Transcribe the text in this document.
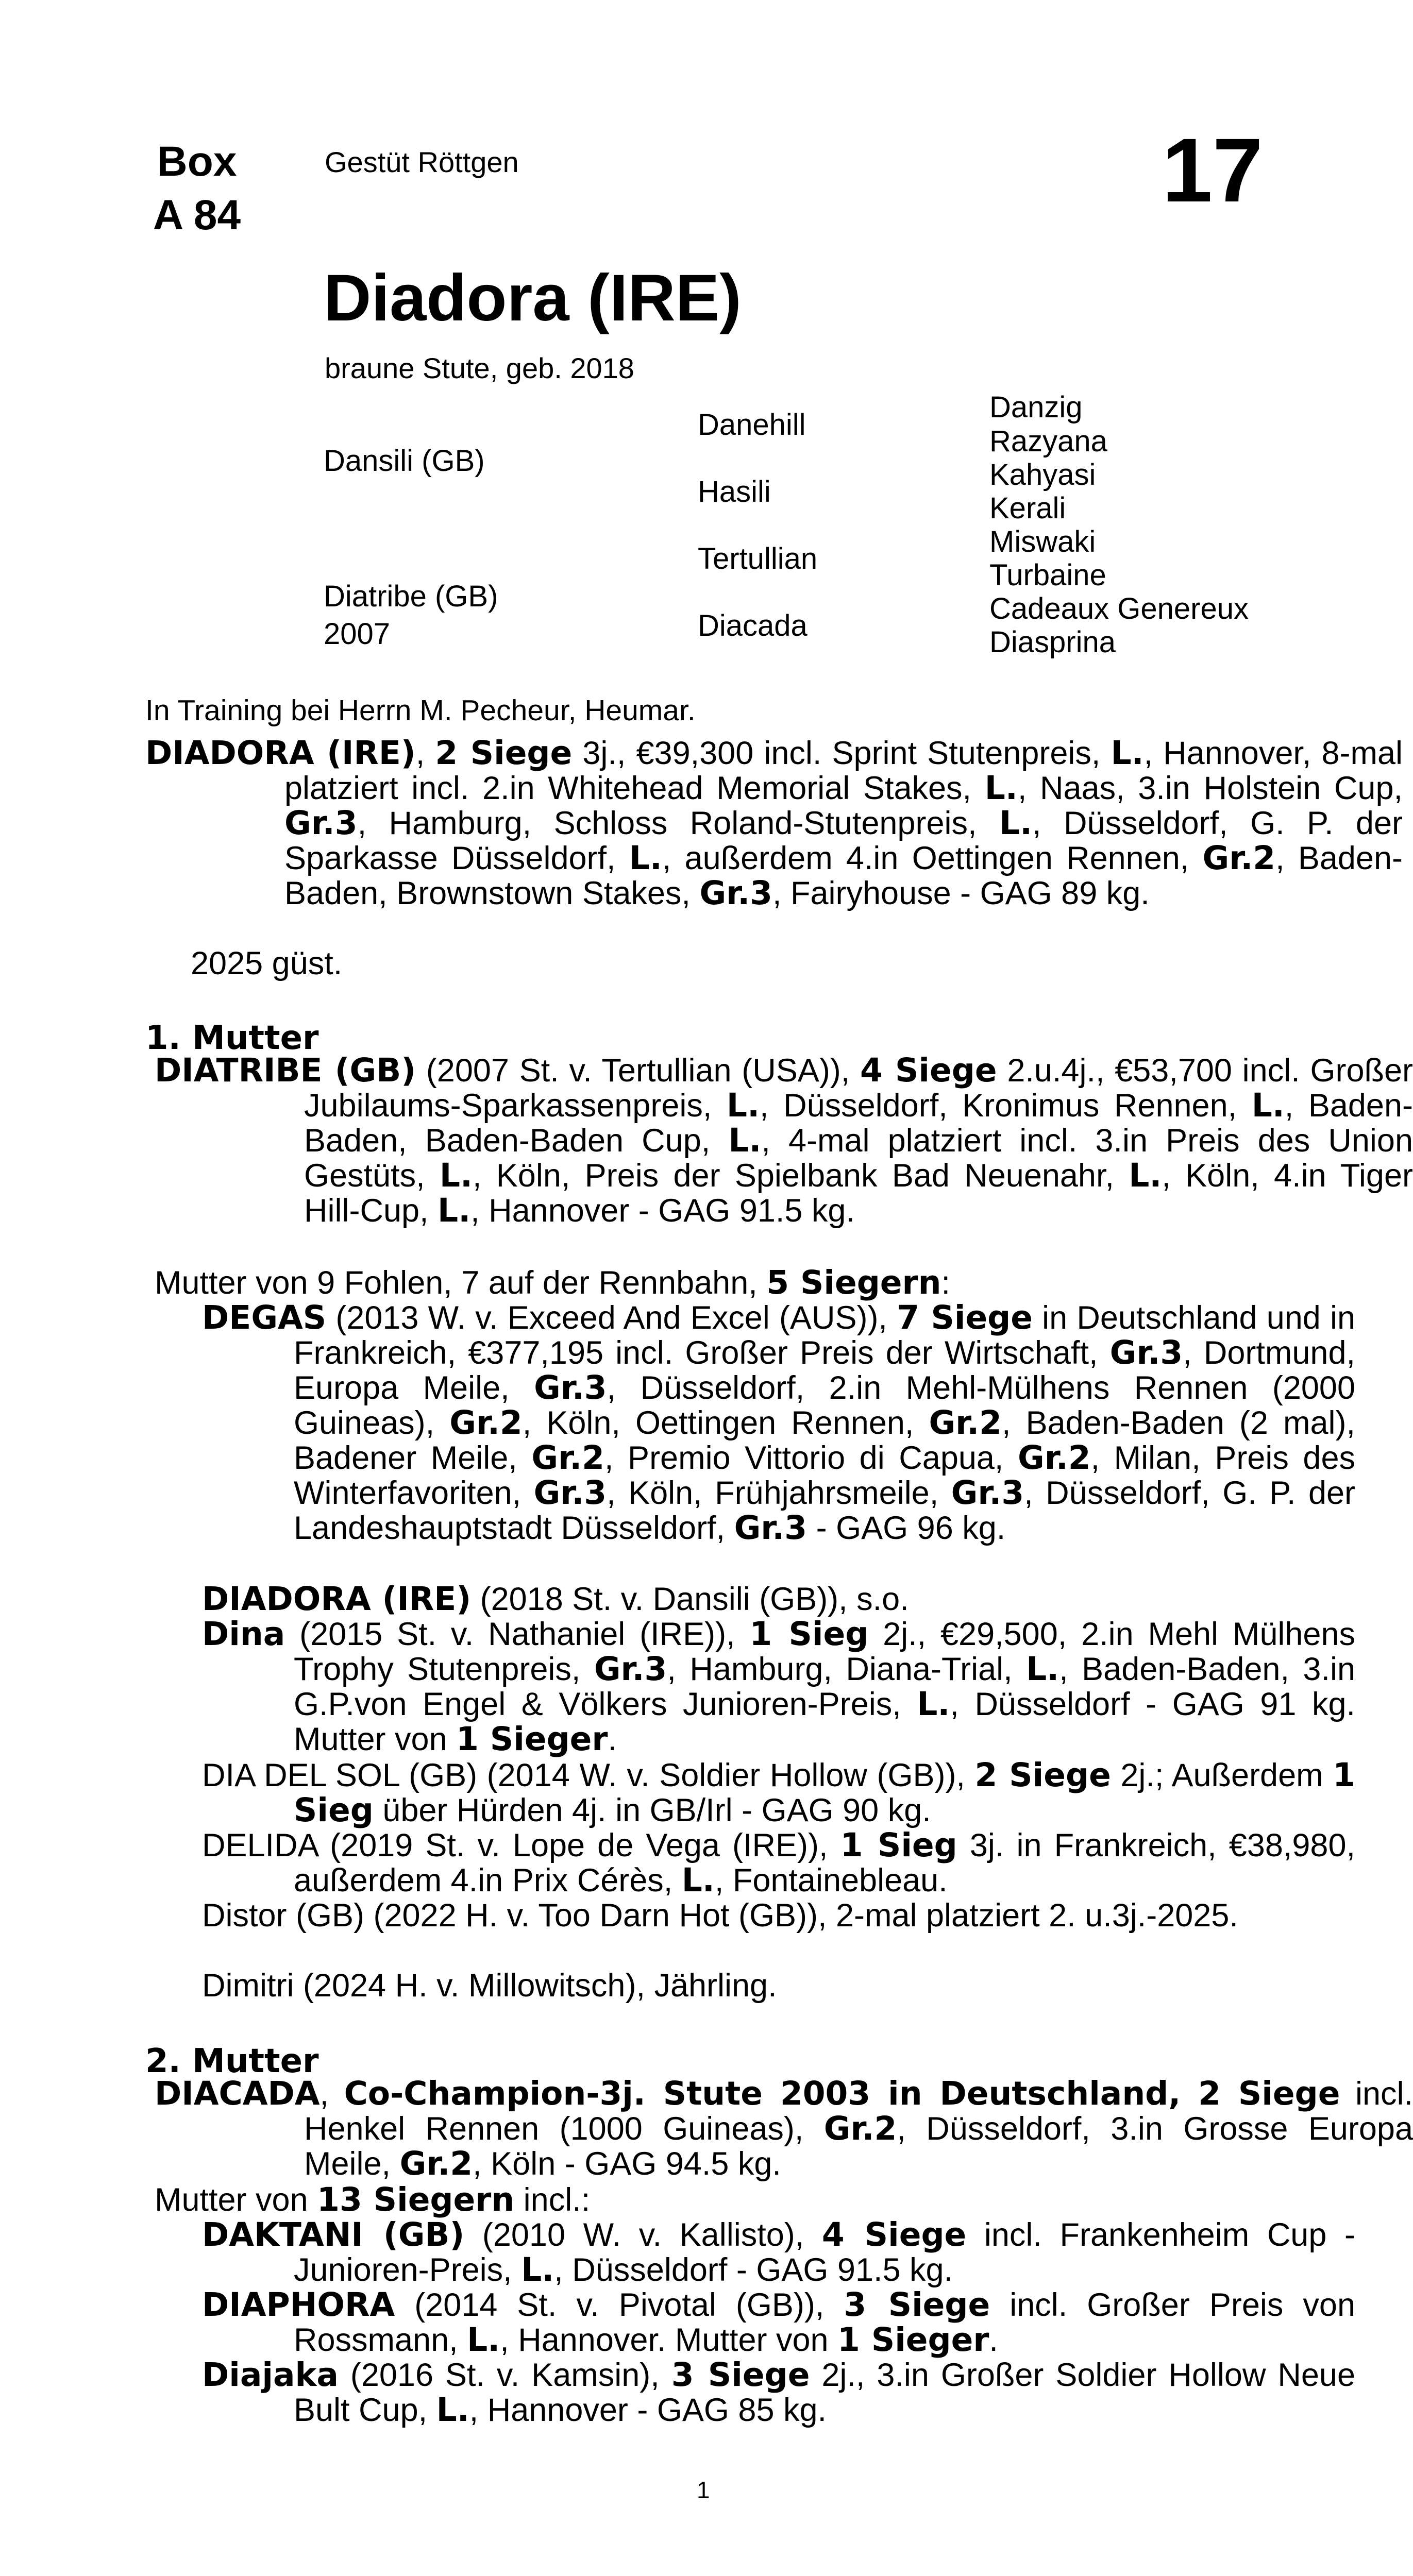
Box
A 84
Gestüt Röttgen	17
Diadora (IRE)
braune Stute, geb. 2018
Dansili (GB)
Diatribe (GB)
2007
Danehill
Hasili
Tertullian
Diacada
Danzig
Razyana
Kahyasi
Kerali
Miswaki
Turbaine
Cadeaux Genereux
Diasprina
In Training bei Herrn M. Pecheur, Heumar.
DIADORA (IRE), 2 Siege 3j., €39,300 incl. Sprint Stutenpreis, L., Hannover, 8-mal platziert incl. 2.in Whitehead Memorial Stakes, L., Naas, 3.in Holstein Cup, Gr.3, Hamburg, Schloss Roland-Stutenpreis, L., Düsseldorf, G. P. der Sparkasse Düsseldorf, L., außerdem 4.in Oettingen Rennen, Gr.2, Baden-Baden, Brownstown Stakes, Gr.3, Fairyhouse - GAG 89 kg.
2025 güst.
1. Mutter
DIATRIBE (GB) (2007 St. v. Tertullian (USA)), 4 Siege 2.u.4j., €53,700 incl. Großer Jubilaums-Sparkassenpreis, L., Düsseldorf, Kronimus Rennen, L., Baden-Baden, Baden-Baden Cup, L., 4-mal platziert incl. 3.in Preis des Union Gestüts, L., Köln, Preis der Spielbank Bad Neuenahr, L., Köln, 4.in Tiger Hill-Cup, L., Hannover - GAG 91.5 kg.
Mutter von 9 Fohlen, 7 auf der Rennbahn, 5 Siegern:
DEGAS (2013 W. v. Exceed And Excel (AUS)), 7 Siege in Deutschland und in Frankreich, €377,195 incl. Großer Preis der Wirtschaft, Gr.3, Dortmund, Europa Meile, Gr.3, Düsseldorf, 2.in Mehl-Mülhens Rennen (2000 Guineas), Gr.2, Köln, Oettingen Rennen, Gr.2, Baden-Baden (2 mal), Badener Meile, Gr.2, Premio Vittorio di Capua, Gr.2, Milan, Preis des Winterfavoriten, Gr.3, Köln, Frühjahrsmeile, Gr.3, Düsseldorf, G. P. der Landeshauptstadt Düsseldorf, Gr.3 - GAG 96 kg.
DIADORA (IRE) (2018 St. v. Dansili (GB)), s.o.
Dina (2015 St. v. Nathaniel (IRE)), 1 Sieg 2j., €29,500, 2.in Mehl Mülhens Trophy Stutenpreis, Gr.3, Hamburg, Diana-Trial, L., Baden-Baden, 3.in G.P.von Engel & Völkers Junioren-Preis, L., Düsseldorf - GAG 91 kg. Mutter von 1 Sieger.
DIA DEL SOL (GB) (2014 W. v. Soldier Hollow (GB)), 2 Siege 2j.; Außerdem 1 Sieg über Hürden 4j. in GB/Irl - GAG 90 kg.
DELIDA (2019 St. v. Lope de Vega (IRE)), 1 Sieg 3j. in Frankreich, €38,980, außerdem 4.in Prix Cérès, L., Fontainebleau.
Distor (GB) (2022 H. v. Too Darn Hot (GB)), 2-mal platziert 2. u.3j.-2025.
Dimitri (2024 H. v. Millowitsch), Jährling.
2. Mutter
DIACADA, Co-Champion-3j. Stute 2003 in Deutschland, 2 Siege incl. Henkel Rennen (1000 Guineas), Gr.2, Düsseldorf, 3.in Grosse Europa Meile, Gr.2, Köln - GAG 94.5 kg.
Mutter von 13 Siegern incl.:
DAKTANI (GB) (2010 W. v. Kallisto), 4 Siege incl. Frankenheim Cup - Junioren-Preis, L., Düsseldorf - GAG 91.5 kg.
DIAPHORA (2014 St. v. Pivotal (GB)), 3 Siege incl. Großer Preis von Rossmann, L., Hannover. Mutter von 1 Sieger.
Diajaka (2016 St. v. Kamsin), 3 Siege 2j., 3.in Großer Soldier Hollow Neue Bult Cup, L., Hannover - GAG 85 kg.
1
